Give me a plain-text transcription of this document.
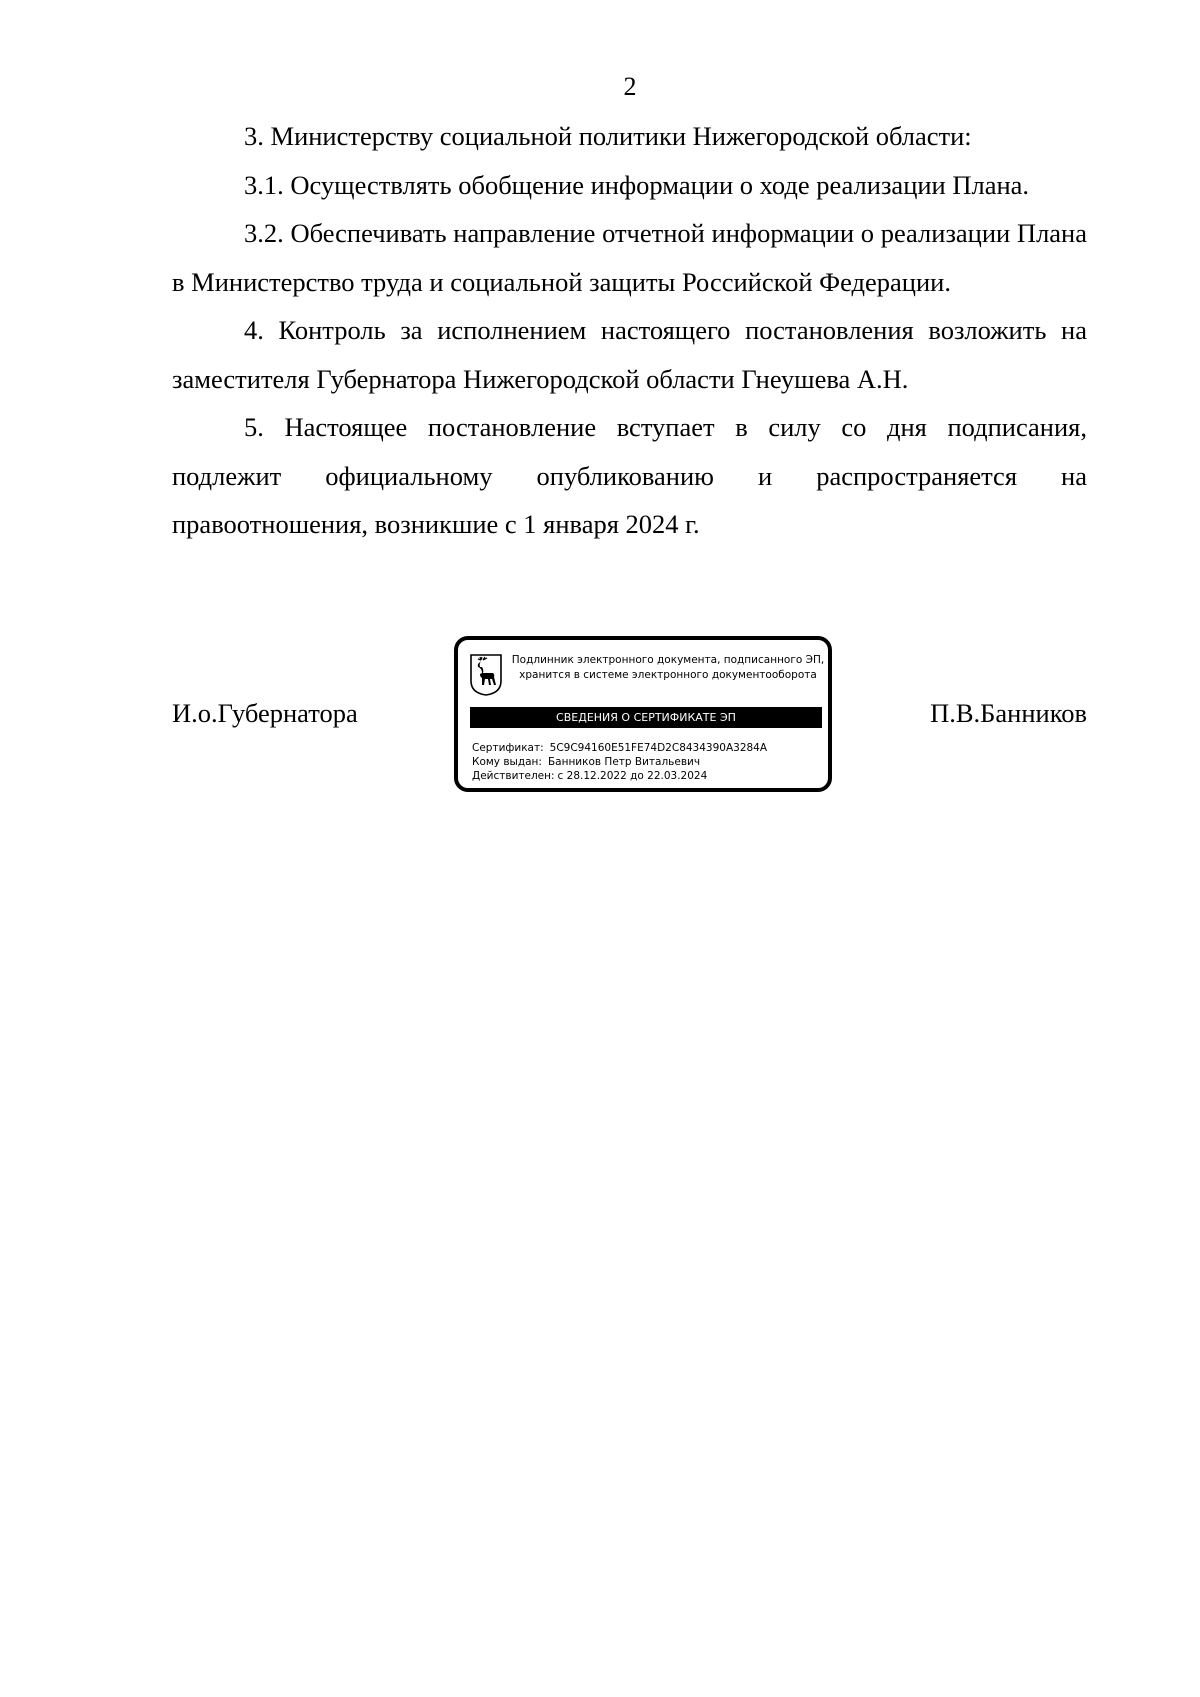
2

3. Министерству социальной политики Нижегородской области:

3.1. Осуществлять обобщение информации о ходе реализации Плана.

3.2. Обеспечивать направление отчетной информации о реализации Плана в Министерство труда и социальной защиты Российской Федерации.

4. Контроль за исполнением настоящего постановления возложить на заместителя Губернатора Нижегородской области Гнеушева А.Н.

5. Настоящее постановление вступает в силу со дня подписания, подлежит официальному опубликованию и распространяется на правоотношения, возникшие с 1 января 2024 г.

И.о.Губернатора
Подлинник электронного документа, подписанного ЭП,
хранится в системе электронного документооборота
СВЕДЕНИЯ О СЕРТИФИКАТЕ ЭП
Сертификат: 5C9C94160E51FE74D2C8434390A3284A
Кому выдан: Банников Петр Витальевич
Действителен: с 28.12.2022 до 22.03.2024
П.В.Банников
